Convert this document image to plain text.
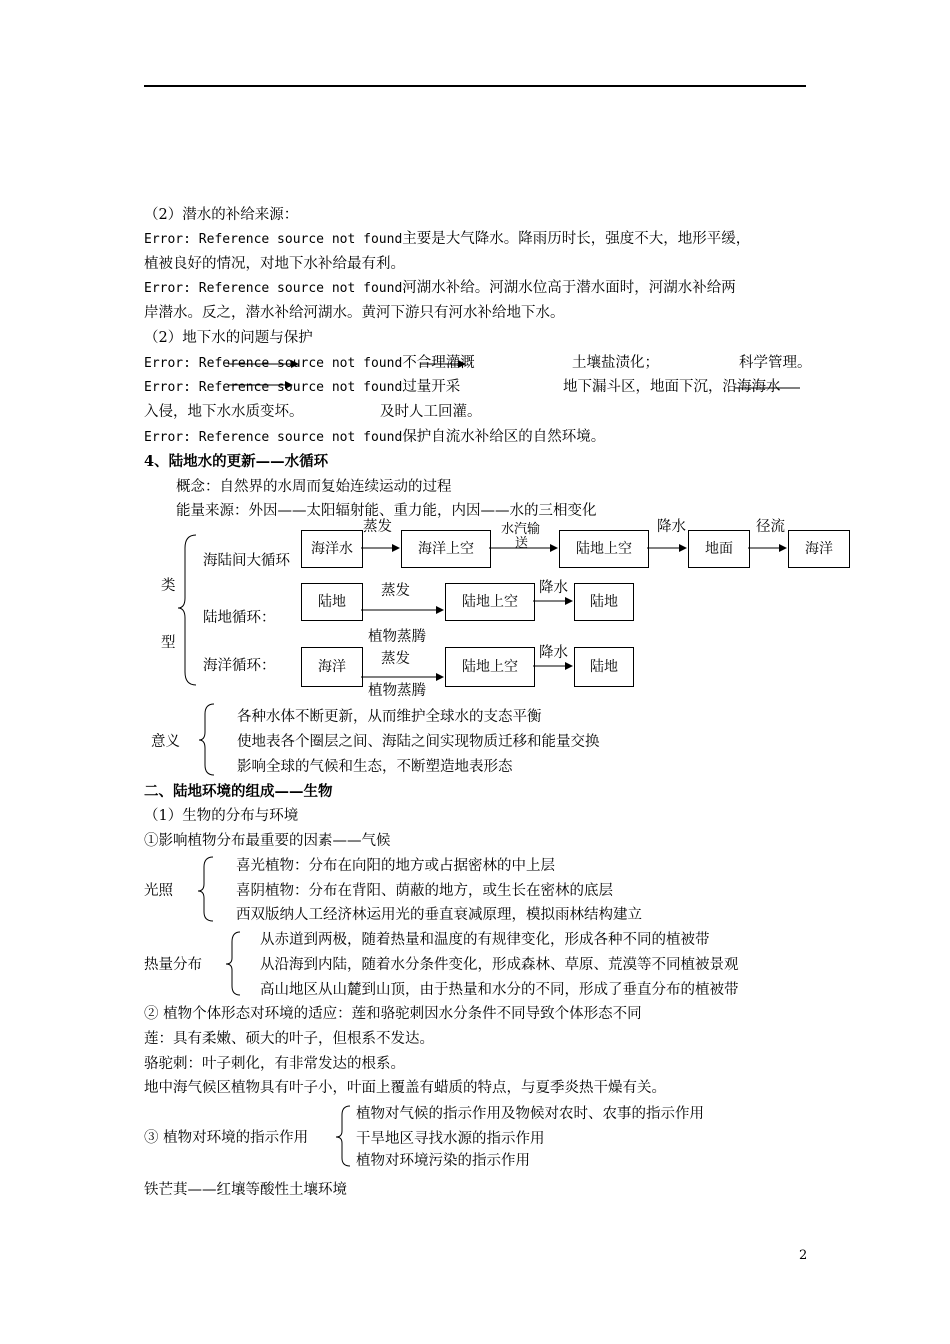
（2）潜水的补给来源：
Error: Reference source not found主要是大气降水。降雨历时长，强度不大，地形平缓，
植被良好的情况，对地下水补给最有利。
Error: Reference source not found河湖水补给。河湖水位高于潜水面时，河湖水补给两
岸潜水。反之，潜水补给河湖水。黄河下游只有河水补给地下水。
（2）地下水的问题与保护
Error: Reference source not found不合理灌溉	土壤盐渍化；	科学管理。
Error: Reference source not found过量开采	地下漏斗区，地面下沉，沿海海水
入侵，地下水水质变坏。	及时人工回灌。
Error: Reference source not found保护自流水补给区的自然环境。
4、陆地水的更新——水循环
概念：自然界的水周而复始连续运动的过程
能量来源：外因——太阳辐射能、重力能，内因——水的三相变化
类
型
海陆间大循环
陆地循环：
海洋循环：
海洋水	海洋上空	陆地上空	地面	海洋
蒸发	水汽输
送
降水	径流
陆地	陆地上空	陆地
蒸发
植物蒸腾
降水
海洋	陆地上空	陆地
蒸发
植物蒸腾
降水
意义
各种水体不断更新，从而维护全球水的支态平衡
使地表各个圈层之间、海陆之间实现物质迁移和能量交换
影响全球的气候和生态，不断塑造地表形态
二、陆地环境的组成——生物
（1）生物的分布与环境
①影响植物分布最重要的因素——气候
光照
喜光植物：分布在向阳的地方或占据密林的中上层
喜阴植物：分布在背阳、荫蔽的地方，或生长在密林的底层
西双版纳人工经济林运用光的垂直衰减原理，模拟雨林结构建立
热量分布
从赤道到两极，随着热量和温度的有规律变化，形成各种不同的植被带
从沿海到内陆，随着水分条件变化，形成森林、草原、荒漠等不同植被景观
高山地区从山麓到山顶，由于热量和水分的不同，形成了垂直分布的植被带
② 植物个体形态对环境的适应：莲和骆驼刺因水分条件不同导致个体形态不同
莲：具有柔嫩、硕大的叶子，但根系不发达。
骆驼刺：叶子刺化，有非常发达的根系。
地中海气候区植物具有叶子小，叶面上覆盖有蜡质的特点，与夏季炎热干燥有关。
③ 植物对环境的指示作用
植物对气候的指示作用及物候对农时、农事的指示作用
干旱地区寻找水源的指示作用
植物对环境污染的指示作用
铁芒萁——红壤等酸性土壤环境
2
